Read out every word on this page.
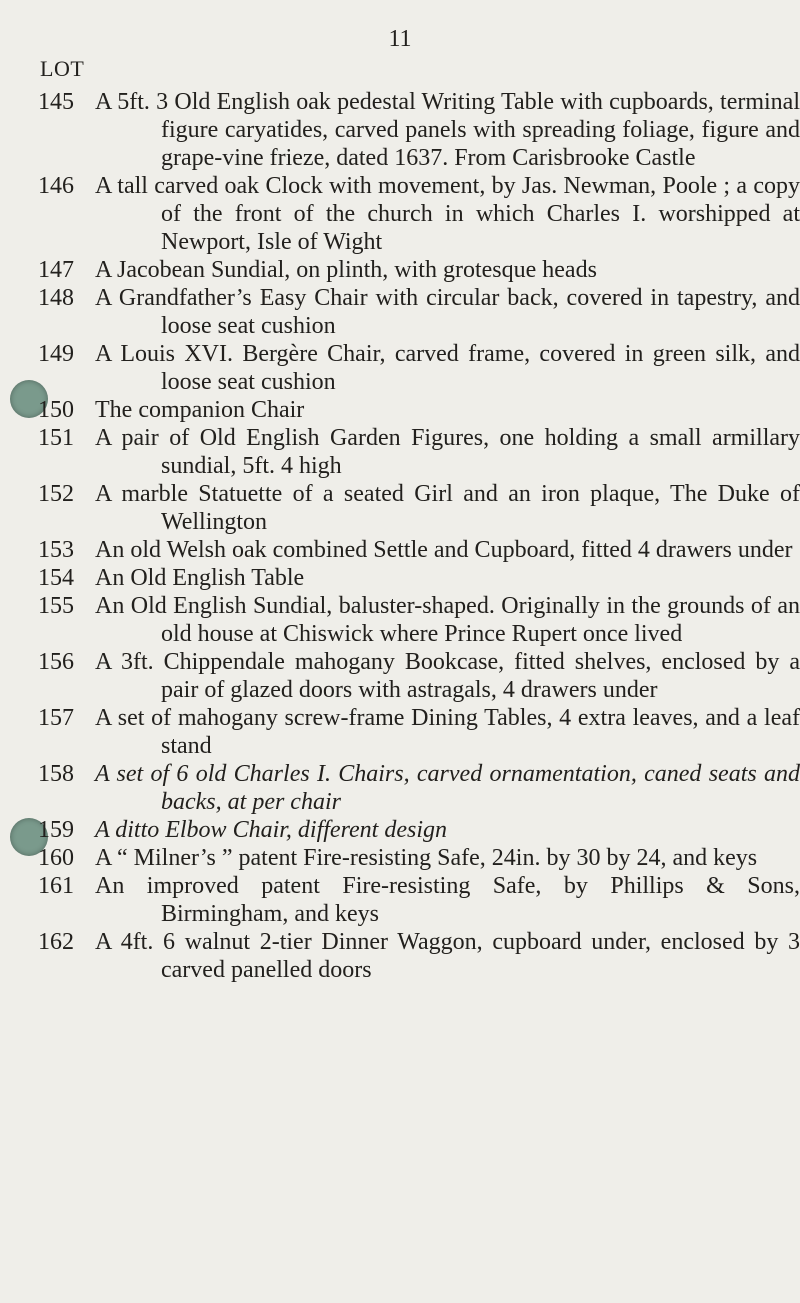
11
LOT
145 A 5ft. 3 Old English oak pedestal Writing Table with cupboards, terminal figure caryatides, carved panels with spreading foliage, figure and grape-vine frieze, dated 1637. From Carisbrooke Castle
146 A tall carved oak Clock with movement, by Jas. Newman, Poole ; a copy of the front of the church in which Charles I. worshipped at Newport, Isle of Wight
147 A Jacobean Sundial, on plinth, with grotesque heads
148 A Grandfather’s Easy Chair with circular back, covered in tapestry, and loose seat cushion
149 A Louis XVI. Bergère Chair, carved frame, covered in green silk, and loose seat cushion
150 The companion Chair
151 A pair of Old English Garden Figures, one holding a small armillary sundial, 5ft. 4 high
152 A marble Statuette of a seated Girl and an iron plaque, The Duke of Wellington
153 An old Welsh oak combined Settle and Cupboard, fitted 4 drawers under
154 An Old English Table
155 An Old English Sundial, baluster-shaped. Originally in the grounds of an old house at Chiswick where Prince Rupert once lived
156 A 3ft. Chippendale mahogany Bookcase, fitted shelves, enclosed by a pair of glazed doors with astragals, 4 drawers under
157 A set of mahogany screw-frame Dining Tables, 4 extra leaves, and a leaf stand
158 A set of 6 old Charles I. Chairs, carved ornamentation, caned seats and backs, at per chair
159 A ditto Elbow Chair, different design
160 A “ Milner’s ” patent Fire-resisting Safe, 24in. by 30 by 24, and keys
161 An improved patent Fire-resisting Safe, by Phillips & Sons, Birmingham, and keys
162 A 4ft. 6 walnut 2-tier Dinner Waggon, cupboard under, enclosed by 3 carved panelled doors
